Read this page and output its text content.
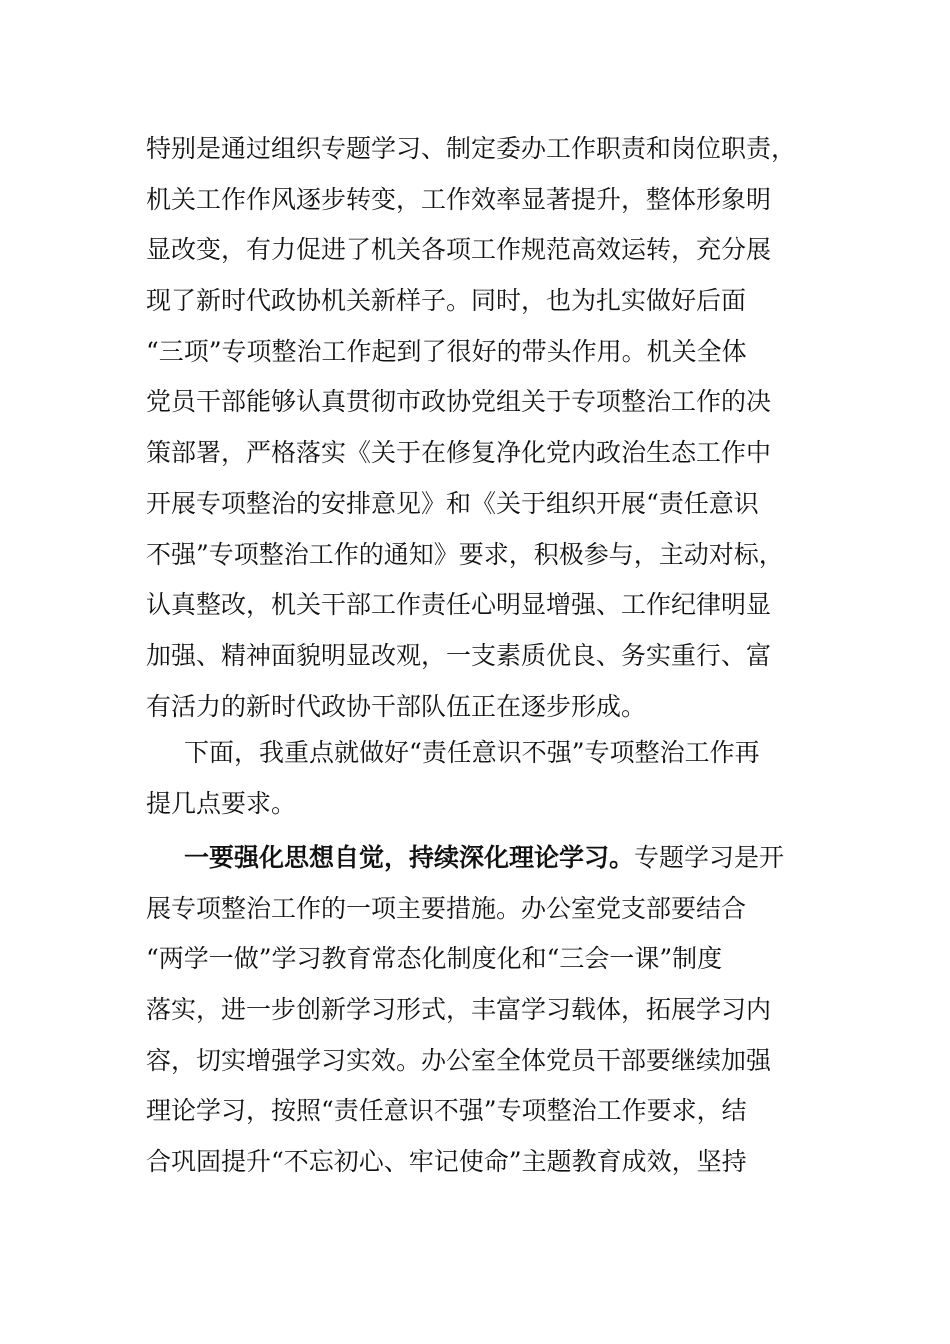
特别是通过组织专题学习、制定委办工作职责和岗位职责，
机关工作作风逐步转变，工作效率显著提升，整体形象明
显改变，有力促进了机关各项工作规范高效运转，充分展
现了新时代政协机关新样子。同时，也为扎实做好后面
“三项”专项整治工作起到了很好的带头作用。机关全体
党员干部能够认真贯彻市政协党组关于专项整治工作的决
策部署，严格落实《关于在修复净化党内政治生态工作中
开展专项整治的安排意见》和《关于组织开展“责任意识
不强”专项整治工作的通知》要求，积极参与，主动对标，
认真整改，机关干部工作责任心明显增强、工作纪律明显
加强、精神面貌明显改观，一支素质优良、务实重行、富
有活力的新时代政协干部队伍正在逐步形成。
下面，我重点就做好“责任意识不强”专项整治工作再
提几点要求。
一要强化思想自觉，持续深化理论学习。专题学习是开
展专项整治工作的一项主要措施。办公室党支部要结合
“两学一做”学习教育常态化制度化和“三会一课”制度
落实，进一步创新学习形式，丰富学习载体，拓展学习内
容，切实增强学习实效。办公室全体党员干部要继续加强
理论学习，按照“责任意识不强”专项整治工作要求，结
合巩固提升“不忘初心、牢记使命”主题教育成效，坚持
